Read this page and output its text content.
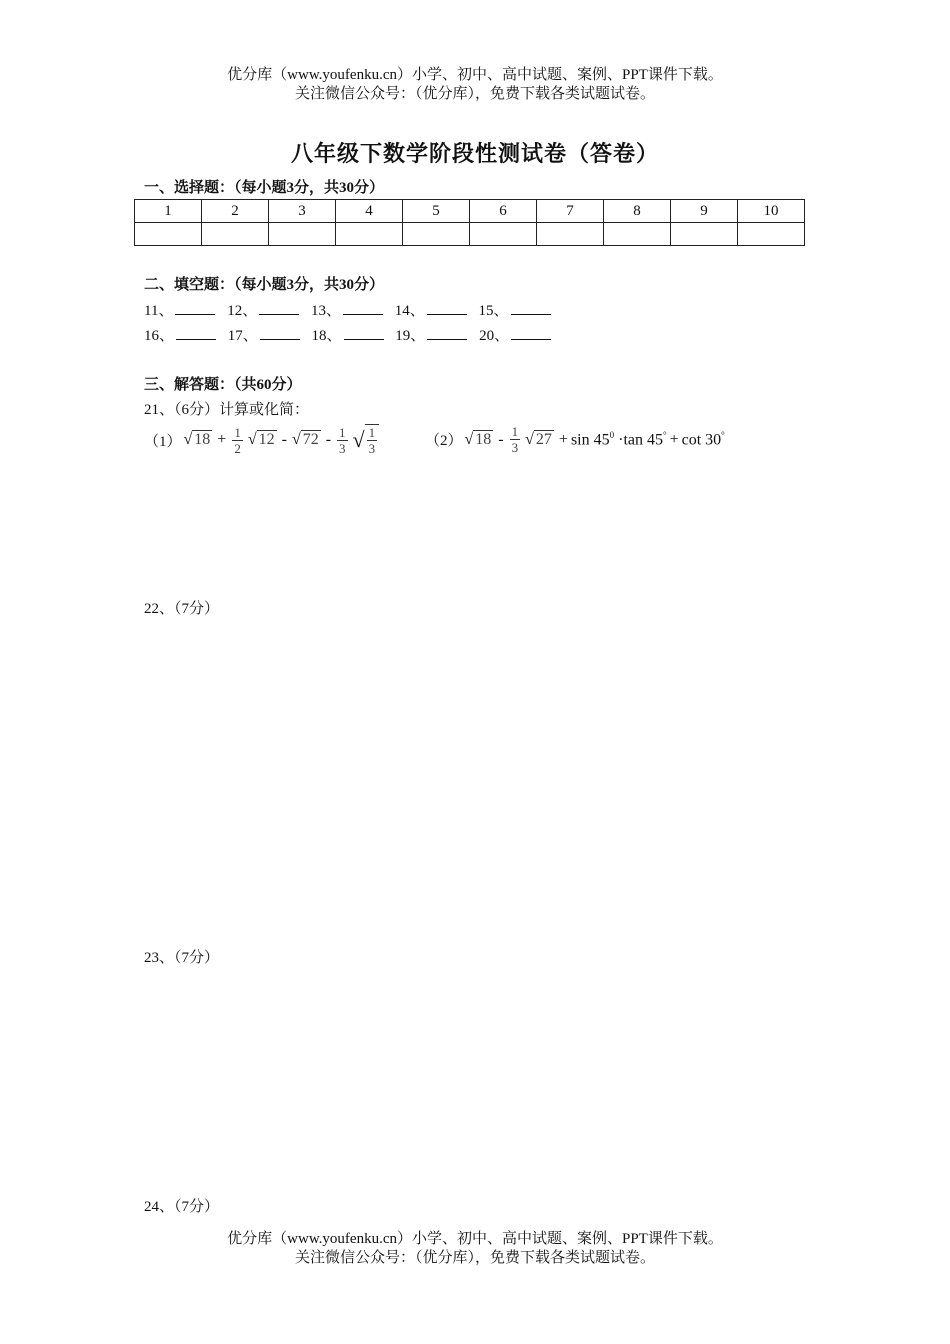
优分库（www.youfenku.cn）小学、初中、高中试题、案例、PPT课件下载。
关注微信公众号：（优分库），免费下载各类试题试卷。
八年级下数学阶段性测试卷（答卷）
一、选择题：（每小题3分，共30分）
1	2	3	4	5	6	7	8	9	10

二、填空题：（每小题3分，共30分）
11、	12、	13、	14、	15、
16、	17、	18、	19、	20、
三、解答题：（共60分）
21、（6分）计算或化简：
（1） √ $18 + \frac{1}{2}$ √ 12 - √ $72 - \frac{1}{3}$ √ $\frac{1}{3}$	（2） √ $18 - \frac{1}{3}$ √ $27 + \sin 45^0 \cdot\tan$ 45° + cot 30°
22、（7分）
23、（7分）
24、（7分）
优分库（www.youfenku.cn）小学、初中、高中试题、案例、PPT课件下载。
关注微信公众号：（优分库），免费下载各类试题试卷。
